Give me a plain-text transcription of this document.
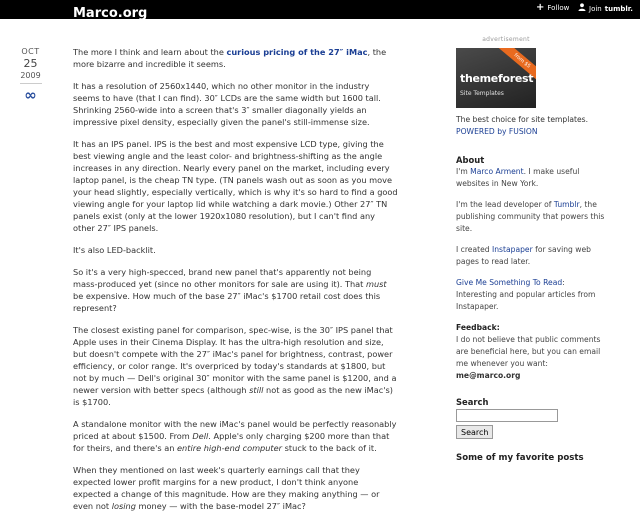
Marco.org	+ Follow	Join tumblr.
OCT
25
2009
∞

The more I think and learn about the curious pricing of the 27″ iMac, the more bizarre and incredible it seems.

It has a resolution of 2560x1440, which no other monitor in the industry seems to have (that I can find). 30″ LCDs are the same width but 1600 tall. Shrinking 2560-wide into a screen that's 3″ smaller diagonally yields an impressive pixel density, especially given the panel's still-immense size.

It has an IPS panel. IPS is the best and most expensive LCD type, giving the best viewing angle and the least color- and brightness-shifting as the angle increases in any direction. Nearly every panel on the market, including every laptop panel, is the cheap TN type. (TN panels wash out as soon as you move your head slightly, especially vertically, which is why it's so hard to find a good viewing angle for your laptop lid while watching a dark movie.) Other 27″ TN panels exist (only at the lower 1920x1080 resolution), but I can't find any other 27″ IPS panels.

It's also LED-backlit.

So it's a very high-specced, brand new panel that's apparently not being mass-produced yet (since no other monitors for sale are using it). That must be expensive. How much of the base 27″ iMac's $1700 retail cost does this represent?

The closest existing panel for comparison, spec-wise, is the 30″ IPS panel that Apple uses in their Cinema Display. It has the ultra-high resolution and size, but doesn't compete with the 27″ iMac's panel for brightness, contrast, power efficiency, or color range. It's overpriced by today's standards at $1800, but not by much — Dell's original 30″ monitor with the same panel is $1200, and a newer version with better specs (although still not as good as the new iMac's) is $1700.

A standalone monitor with the new iMac's panel would be perfectly reasonably priced at about $1500. From Dell. Apple's only charging $200 more than that for theirs, and there's an entire high-end computer stuck to the back of it.

When they mentioned on last week's quarterly earnings call that they expected lower profit margins for a new product, I don't think anyone expected a change of this magnitude. How are they making anything — or even not losing money — with the base-model 27″ iMac?

advertisement
from $5
themeforest
Site Templates
The best choice for site templates.
POWERED by FUSION
About

I'm Marco Arment. I make useful websites in New York.

I'm the lead developer of Tumblr, the publishing community that powers this site.

I created Instapaper for saving web pages to read later.

Give Me Something To Read: Interesting and popular articles from Instapaper.

Feedback:
I do not believe that public comments are beneficial here, but you can email me whenever you want: me@marco.org

Search
Search
Some of my favorite posts
